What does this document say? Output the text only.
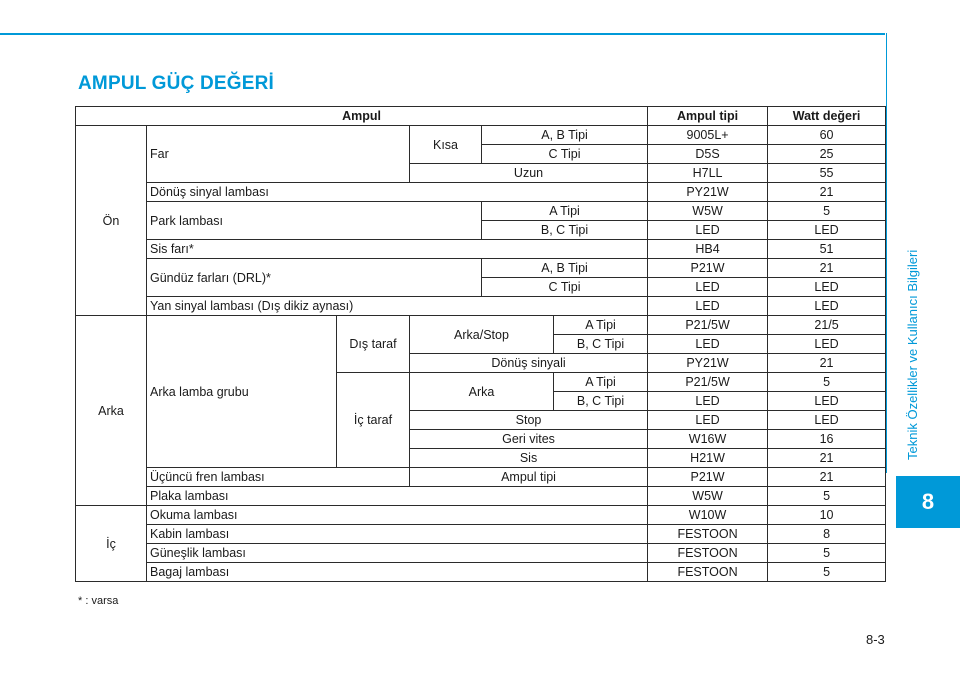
AMPUL GÜÇ DEĞERİ
Teknik Özellikler ve Kullanıcı Bilgileri
8
Ampul						Ampul tipi	Watt değeri
Ön	Far		Kısa	A, B Tipi		9005L+	60
				C Tipi		D5S	25
			Uzun			H7LL	55
	Dönüş sinyal lambası					PY21W	21
	Park lambası			A Tipi		W5W	5
				B, C Tipi		LED	LED
	Sis farı*					HB4	51
	Gündüz farları (DRL)*			A, B Tipi		P21W	21
				C Tipi		LED	LED
	Yan sinyal lambası (Dış dikiz aynası)					LED	LED
Arka	Arka lamba grubu	Dış taraf	Arka/Stop		A Tipi	P21/5W	21/5
					B, C Tipi	LED	LED
			Dönüş sinyali			PY21W	21
		İç taraf	Arka		A Tipi	P21/5W	5
					B, C Tipi	LED	LED
			Stop			LED	LED
			Geri vites			W16W	16
			Sis			H21W	21
	Üçüncü fren lambası		Ampul tipi			P21W	21
	Plaka lambası					W5W	5
İç	Okuma lambası					W10W	10
	Kabin lambası					FESTOON	8
	Güneşlik lambası					FESTOON	5
	Bagaj lambası					FESTOON	5
* : varsa
8-3
